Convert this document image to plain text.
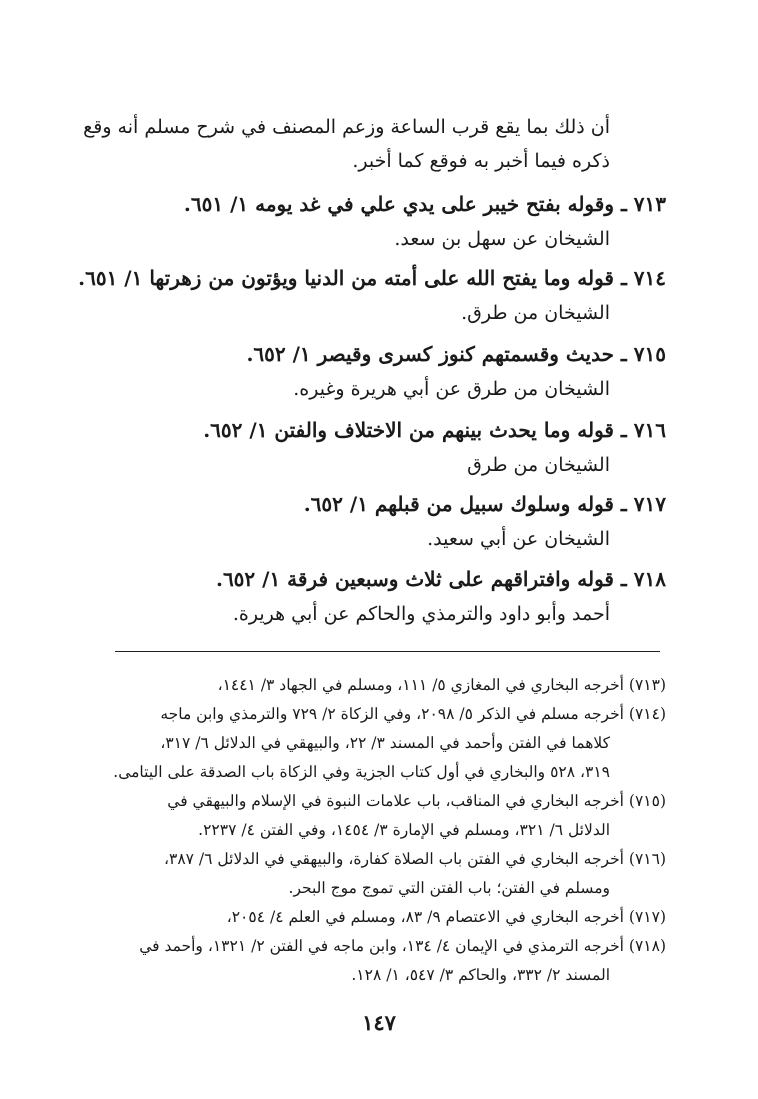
أن ذلك بما يقع قرب الساعة وزعم المصنف في شرح مسلم أنه وقع
ذكره فيما أخبر به فوقع كما أخبر.
٧١٣ ـ وقوله بفتح خيبر على يدي علي في غد يومه ١/ ٦٥١.
الشيخان عن سهل بن سعد.
٧١٤ ـ قوله وما يفتح الله على أمته من الدنيا ويؤتون من زهرتها ١/ ٦٥١.
الشيخان من طرق.
٧١٥ ـ حديث وقسمتهم كنوز كسرى وقيصر ١/ ٦٥٢.
الشيخان من طرق عن أبي هريرة وغيره.
٧١٦ ـ قوله وما يحدث بينهم من الاختلاف والفتن ١/ ٦٥٢.
الشيخان من طرق
٧١٧ ـ قوله وسلوك سبيل من قبلهم ١/ ٦٥٢.
الشيخان عن أبي سعيد.
٧١٨ ـ قوله وافتراقهم على ثلاث وسبعين فرقة ١/ ٦٥٢.
أحمد وأبو داود والترمذي والحاكم عن أبي هريرة.
(٧١٣) أخرجه البخاري في المغازي ٥/ ١١١، ومسلم في الجهاد ٣/ ١٤٤١،
(٧١٤) أخرجه مسلم في الذكر ٥/ ٢٠٩٨، وفي الزكاة ٢/ ٧٢٩ والترمذي وابن ماجه
كلاهما في الفتن وأحمد في المسند ٣/ ٢٢، والبيهقي في الدلائل ٦/ ٣١٧،
٣١٩، ٥٢٨ والبخاري في أول كتاب الجزية وفي الزكاة باب الصدقة على اليتامى.
(٧١٥) أخرجه البخاري في المناقب، باب علامات النبوة في الإسلام والبيهقي في
الدلائل ٦/ ٣٢١، ومسلم في الإمارة ٣/ ١٤٥٤، وفي الفتن ٤/ ٢٢٣٧.
(٧١٦) أخرجه البخاري في الفتن باب الصلاة كفارة، والبيهقي في الدلائل ٦/ ٣٨٧،
ومسلم في الفتن؛ باب الفتن التي تموج موج البحر.
(٧١٧) أخرجه البخاري في الاعتصام ٩/ ٨٣، ومسلم في العلم ٤/ ٢٠٥٤،
(٧١٨) أخرجه الترمذي في الإيمان ٤/ ١٣٤، وابن ماجه في الفتن ٢/ ١٣٢١، وأحمد في
المسند ٢/ ٣٣٢، والحاكم ٣/ ٥٤٧، ١/ ١٢٨.
١٤٧
